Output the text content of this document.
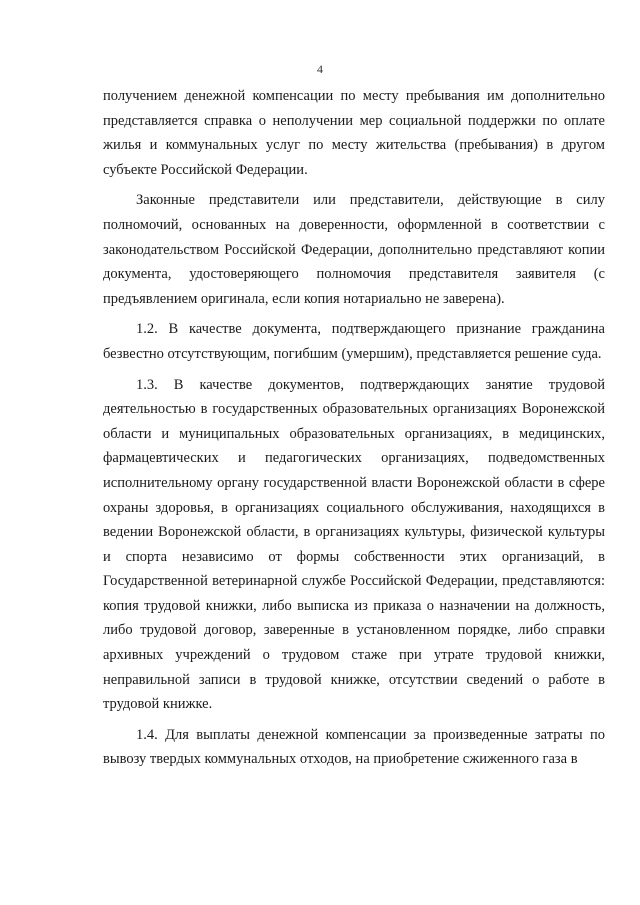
4

получением денежной компенсации по месту пребывания им дополнительно представляется справка о неполучении мер социальной поддержки по оплате жилья и коммунальных услуг по месту жительства (пребывания) в другом субъекте Российской Федерации.

Законные представители или представители, действующие в силу полномочий, основанных на доверенности, оформленной в соответствии с законодательством Российской Федерации, дополнительно представляют копии документа, удостоверяющего полномочия представителя заявителя (с предъявлением оригинала, если копия нотариально не заверена).

1.2. В качестве документа, подтверждающего признание гражданина безвестно отсутствующим, погибшим (умершим), представляется решение суда.

1.3. В качестве документов, подтверждающих занятие трудовой деятельностью в государственных образовательных организациях Воронежской области и муниципальных образовательных организациях, в медицинских, фармацевтических и педагогических организациях, подведомственных исполнительному органу государственной власти Воронежской области в сфере охраны здоровья, в организациях социального обслуживания, находящихся в ведении Воронежской области, в организациях культуры, физической культуры и спорта независимо от формы собственности этих организаций, в Государственной ветеринарной службе Российской Федерации, представляются: копия трудовой книжки, либо выписка из приказа о назначении на должность, либо трудовой договор, заверенные в установленном порядке, либо справки архивных учреждений о трудовом стаже при утрате трудовой книжки, неправильной записи в трудовой книжке, отсутствии сведений о работе в трудовой книжке.

1.4. Для выплаты денежной компенсации за произведенные затраты по вывозу твердых коммунальных отходов, на приобретение сжиженного газа в
